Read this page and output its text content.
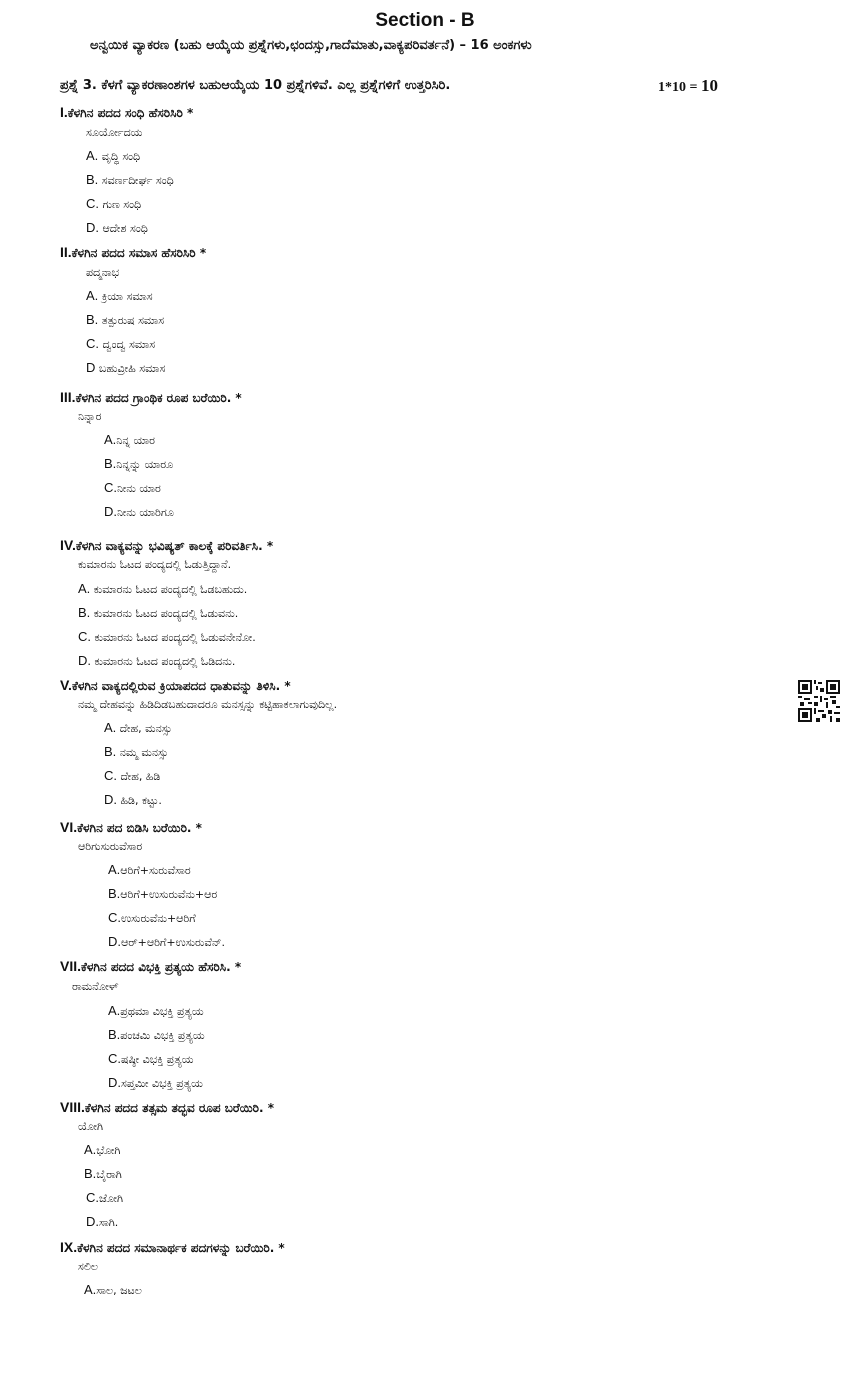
Section - B
ಅನ್ವಯಿಕ ವ್ಯಾಕರಣ (ಬಹು ಆಯ್ಕೆಯ ಪ್ರಶ್ನೆಗಳು,ಛಂದಸ್ಸು,ಗಾದೆಮಾತು,ವಾಕ್ಯಪರಿವರ್ತನೆ) – 16 ಅಂಕಗಳು
ಪ್ರಶ್ನೆ 3. ಕೆಳಗೆ ವ್ಯಾಕರಣಾಂಶಗಳ ಬಹುಆಯ್ಕೆಯ 10 ಪ್ರಶ್ನೆಗಳಿವೆ. ಎಲ್ಲ ಪ್ರಶ್ನೆಗಳಿಗೆ ಉತ್ತರಿಸಿರಿ.	1*10 = 10
I.ಕೆಳಗಿನ ಪದದ ಸಂಧಿ ಹೆಸರಿಸಿರಿ *
ಸೂರ್ಯೋದಯ
A. ವೃದ್ಧಿ ಸಂಧಿ
B. ಸವರ್ಣದೀರ್ಘ ಸಂಧಿ
C. ಗುಣ ಸಂಧಿ
D. ಆದೇಶ ಸಂಧಿ
II.ಕೆಳಗಿನ ಪದದ ಸಮಾಸ ಹೆಸರಿಸಿರಿ *
ಪದ್ಮನಾಭ
A. ಕ್ರಿಯಾ ಸಮಾಸ
B. ತತ್ಪುರುಷ ಸಮಾಸ
C. ದ್ವಂದ್ವ ಸಮಾಸ
D ಬಹುವ್ರೀಹಿ ಸಮಾಸ
III.ಕೆಳಗಿನ ಪದದ ಗ್ರಾಂಥಿಕ ರೂಪ ಬರೆಯಿರಿ. *
ನಿನ್ನಾರ
A.ನಿನ್ನ ಯಾರ
B.ನಿನ್ನನ್ನು ಯಾರೂ
C.ನೀನು ಯಾರ
D.ನೀನು ಯಾರಿಗೂ
IV.ಕೆಳಗಿನ ವಾಕ್ಯವನ್ನು ಭವಿಷ್ಯತ್ ಕಾಲಕ್ಕೆ ಪರಿವರ್ತಿಸಿ. *
ಕುಮಾರನು ಓಟದ ಪಂದ್ಯದಲ್ಲಿ ಓಡುತ್ತಿದ್ದಾನೆ.
A. ಕುಮಾರನು ಓಟದ ಪಂದ್ಯದಲ್ಲಿ ಓಡಬಹುದು.
B. ಕುಮಾರನು ಓಟದ ಪಂದ್ಯದಲ್ಲಿ ಓಡುವನು.
C. ಕುಮಾರನು ಓಟದ ಪಂದ್ಯದಲ್ಲಿ ಓಡುವನೇನೋ.
D. ಕುಮಾರನು ಓಟದ ಪಂದ್ಯದಲ್ಲಿ ಓಡಿದನು.
V.ಕೆಳಗಿನ ವಾಕ್ಯದಲ್ಲಿರುವ ಕ್ರಿಯಾಪದದ ಧಾತುವನ್ನು ತಿಳಿಸಿ. *
ನಮ್ಮ ದೇಹವನ್ನು ಹಿಡಿದಿಡಬಹುದಾದರೂ ಮನಸ್ಸನ್ನು ಕಟ್ಟಿಹಾಕಲಾಗುವುದಿಲ್ಲ.
A. ದೇಹ, ಮನಸ್ಸು
B. ನಮ್ಮ ಮನಸ್ಸು
C. ದೇಹ, ಹಿಡಿ
D. ಹಿಡಿ, ಕಟ್ಟು.
VI.ಕೆಳಗಿನ ಪದ ಬಿಡಿಸಿ ಬರೆಯಿರಿ. *
ಆರಿಗುಸುರುವೆಸಾರ
A.ಆರಿಗೆ+ಸುರುವೆಸಾರ
B.ಆರಿಗೆ+ಉಸುರುವೆನು+ಆರ
C.ಉಸುರುವೆನು+ಆರಿಗೆ
D.ಆರ್+ಆರಿಗೆ+ಉಸುರುವೆನ್.
VII.ಕೆಳಗಿನ ಪದದ ವಿಭಕ್ತಿ ಪ್ರತ್ಯಯ ಹೆಸರಿಸಿ. *
ರಾಮನೋಳ್
A.ಪ್ರಥಮಾ ವಿಭಕ್ತಿ ಪ್ರತ್ಯಯ
B.ಪಂಚಮಿ ವಿಭಕ್ತಿ ಪ್ರತ್ಯಯ
C.ಷಷ್ಠೀ ವಿಭಕ್ತಿ ಪ್ರತ್ಯಯ
D.ಸಪ್ತಮೀ ವಿಭಕ್ತಿ ಪ್ರತ್ಯಯ
VIII.ಕೆಳಗಿನ ಪದದ ತತ್ಸಮ ತದ್ಭವ ರೂಪ ಬರೆಯಿರಿ. *
ಯೋಗಿ
A.ಭೋಗಿ
B.ಬೈರಾಗಿ
C.ಜೋಗಿ
D.ಸಾಗಿ.
IX.ಕೆಳಗಿನ ಪದದ ಸಮಾನಾರ್ಥಕ ಪದಗಳನ್ನು ಬರೆಯಿರಿ. *
ಸಲಿಲ
A.ಸಾಲ, ಜಟಲ
